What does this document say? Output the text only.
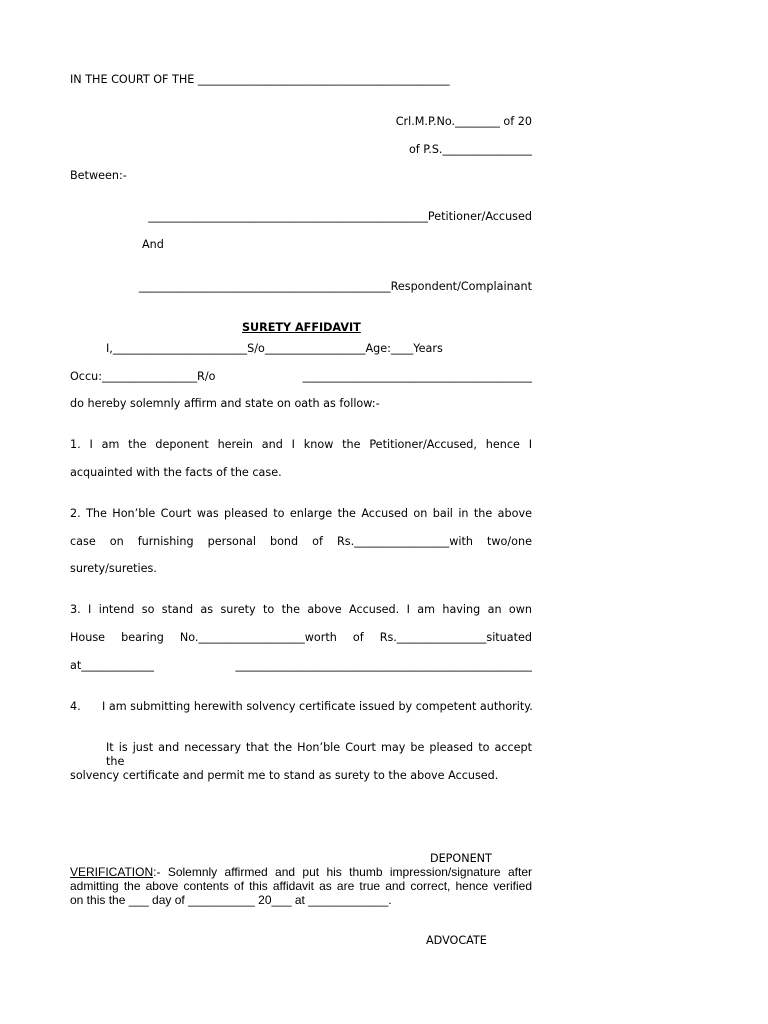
IN THE COURT OF THE _____________________________________________
Crl.M.P.No.________ of 20
of P.S.________________
Between:-
__________________________________________________Petitioner/Accused
And
_____________________________________________Respondent/Complainant
SURETY AFFIDAVIT
I,________________________S/o__________________Age:____Years
Occu:_________________R/o _________________________________________
do hereby solemnly affirm and state on oath as follow:-
1. I am the deponent herein and I know the Petitioner/Accused, hence I
acquainted with the facts of the case.
2. The Hon’ble Court was pleased to enlarge the Accused on bail in the above
case on furnishing personal bond of Rs._________________with two/one
surety/sureties.
3. I intend so stand as surety to the above Accused. I am having an own
House bearing No.___________________worth of Rs.________________situated
at_____________ _____________________________________________________
4.      I am submitting herewith solvency certificate issued by competent authority.
It is just and necessary that the Hon’ble Court may be pleased to accept the
solvency certificate and permit me to stand as surety to the above Accused.
DEPONENT
VERIFICATION:- Solemnly affirmed and put his thumb impression/signature after
admitting the above contents of this affidavit as are true and correct, hence verified
on this the ___ day of __________ 20___ at ____________.
ADVOCATE
